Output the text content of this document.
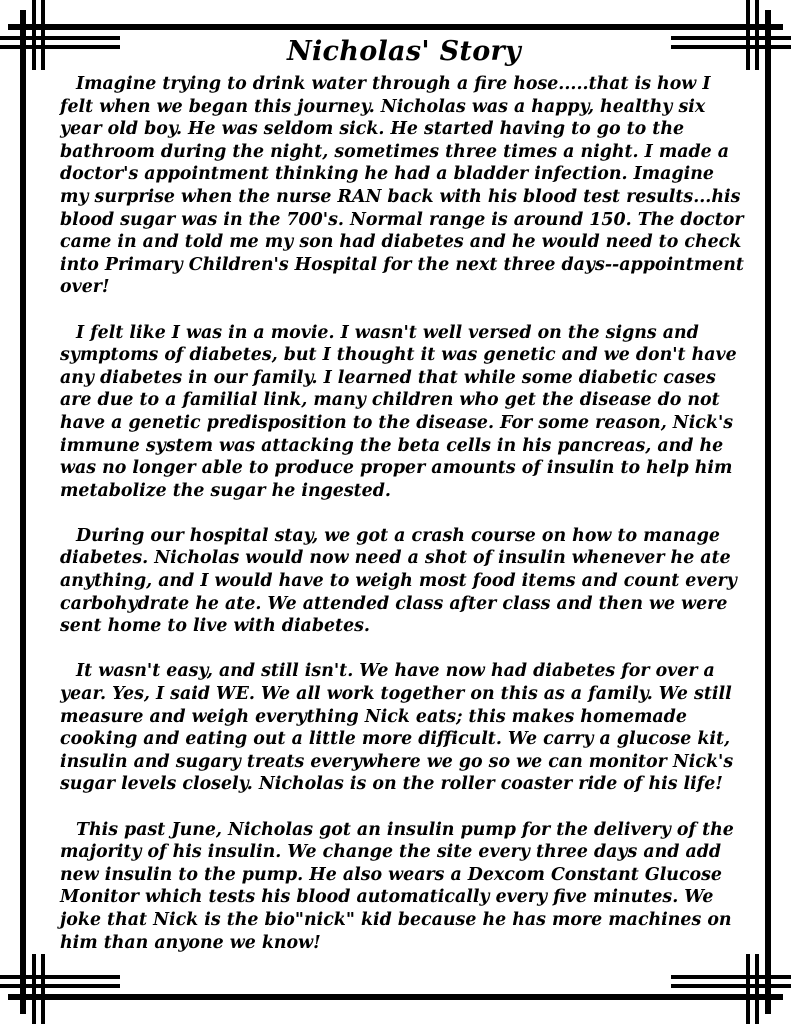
Nicholas' Story

Imagine trying to drink water through a fire hose.....that is how I felt when we began this journey. Nicholas was a happy, healthy six year old boy. He was seldom sick. He started having to go to the bathroom during the night, sometimes three times a night. I made a doctor's appointment thinking he had a bladder infection. Imagine my surprise when the nurse RAN back with his blood test results...his blood sugar was in the 700's. Normal range is around 150. The doctor came in and told me my son had diabetes and he would need to check into Primary Children's Hospital for the next three days--appointment over!

I felt like I was in a movie. I wasn't well versed on the signs and symptoms of diabetes, but I thought it was genetic and we don't have any diabetes in our family. I learned that while some diabetic cases are due to a familial link, many children who get the disease do not have a genetic predisposition to the disease. For some reason, Nick's immune system was attacking the beta cells in his pancreas, and he was no longer able to produce proper amounts of insulin to help him metabolize the sugar he ingested.

During our hospital stay, we got a crash course on how to manage diabetes. Nicholas would now need a shot of insulin whenever he ate anything, and I would have to weigh most food items and count every carbohydrate he ate. We attended class after class and then we were sent home to live with diabetes.

It wasn't easy, and still isn't. We have now had diabetes for over a year. Yes, I said WE. We all work together on this as a family. We still measure and weigh everything Nick eats; this makes homemade cooking and eating out a little more difficult. We carry a glucose kit, insulin and sugary treats everywhere we go so we can monitor Nick's sugar levels closely. Nicholas is on the roller coaster ride of his life!

This past June, Nicholas got an insulin pump for the delivery of the majority of his insulin. We change the site every three days and add new insulin to the pump. He also wears a Dexcom Constant Glucose Monitor which tests his blood automatically every five minutes. We joke that Nick is the bio"nick" kid because he has more machines on him than anyone we know!
